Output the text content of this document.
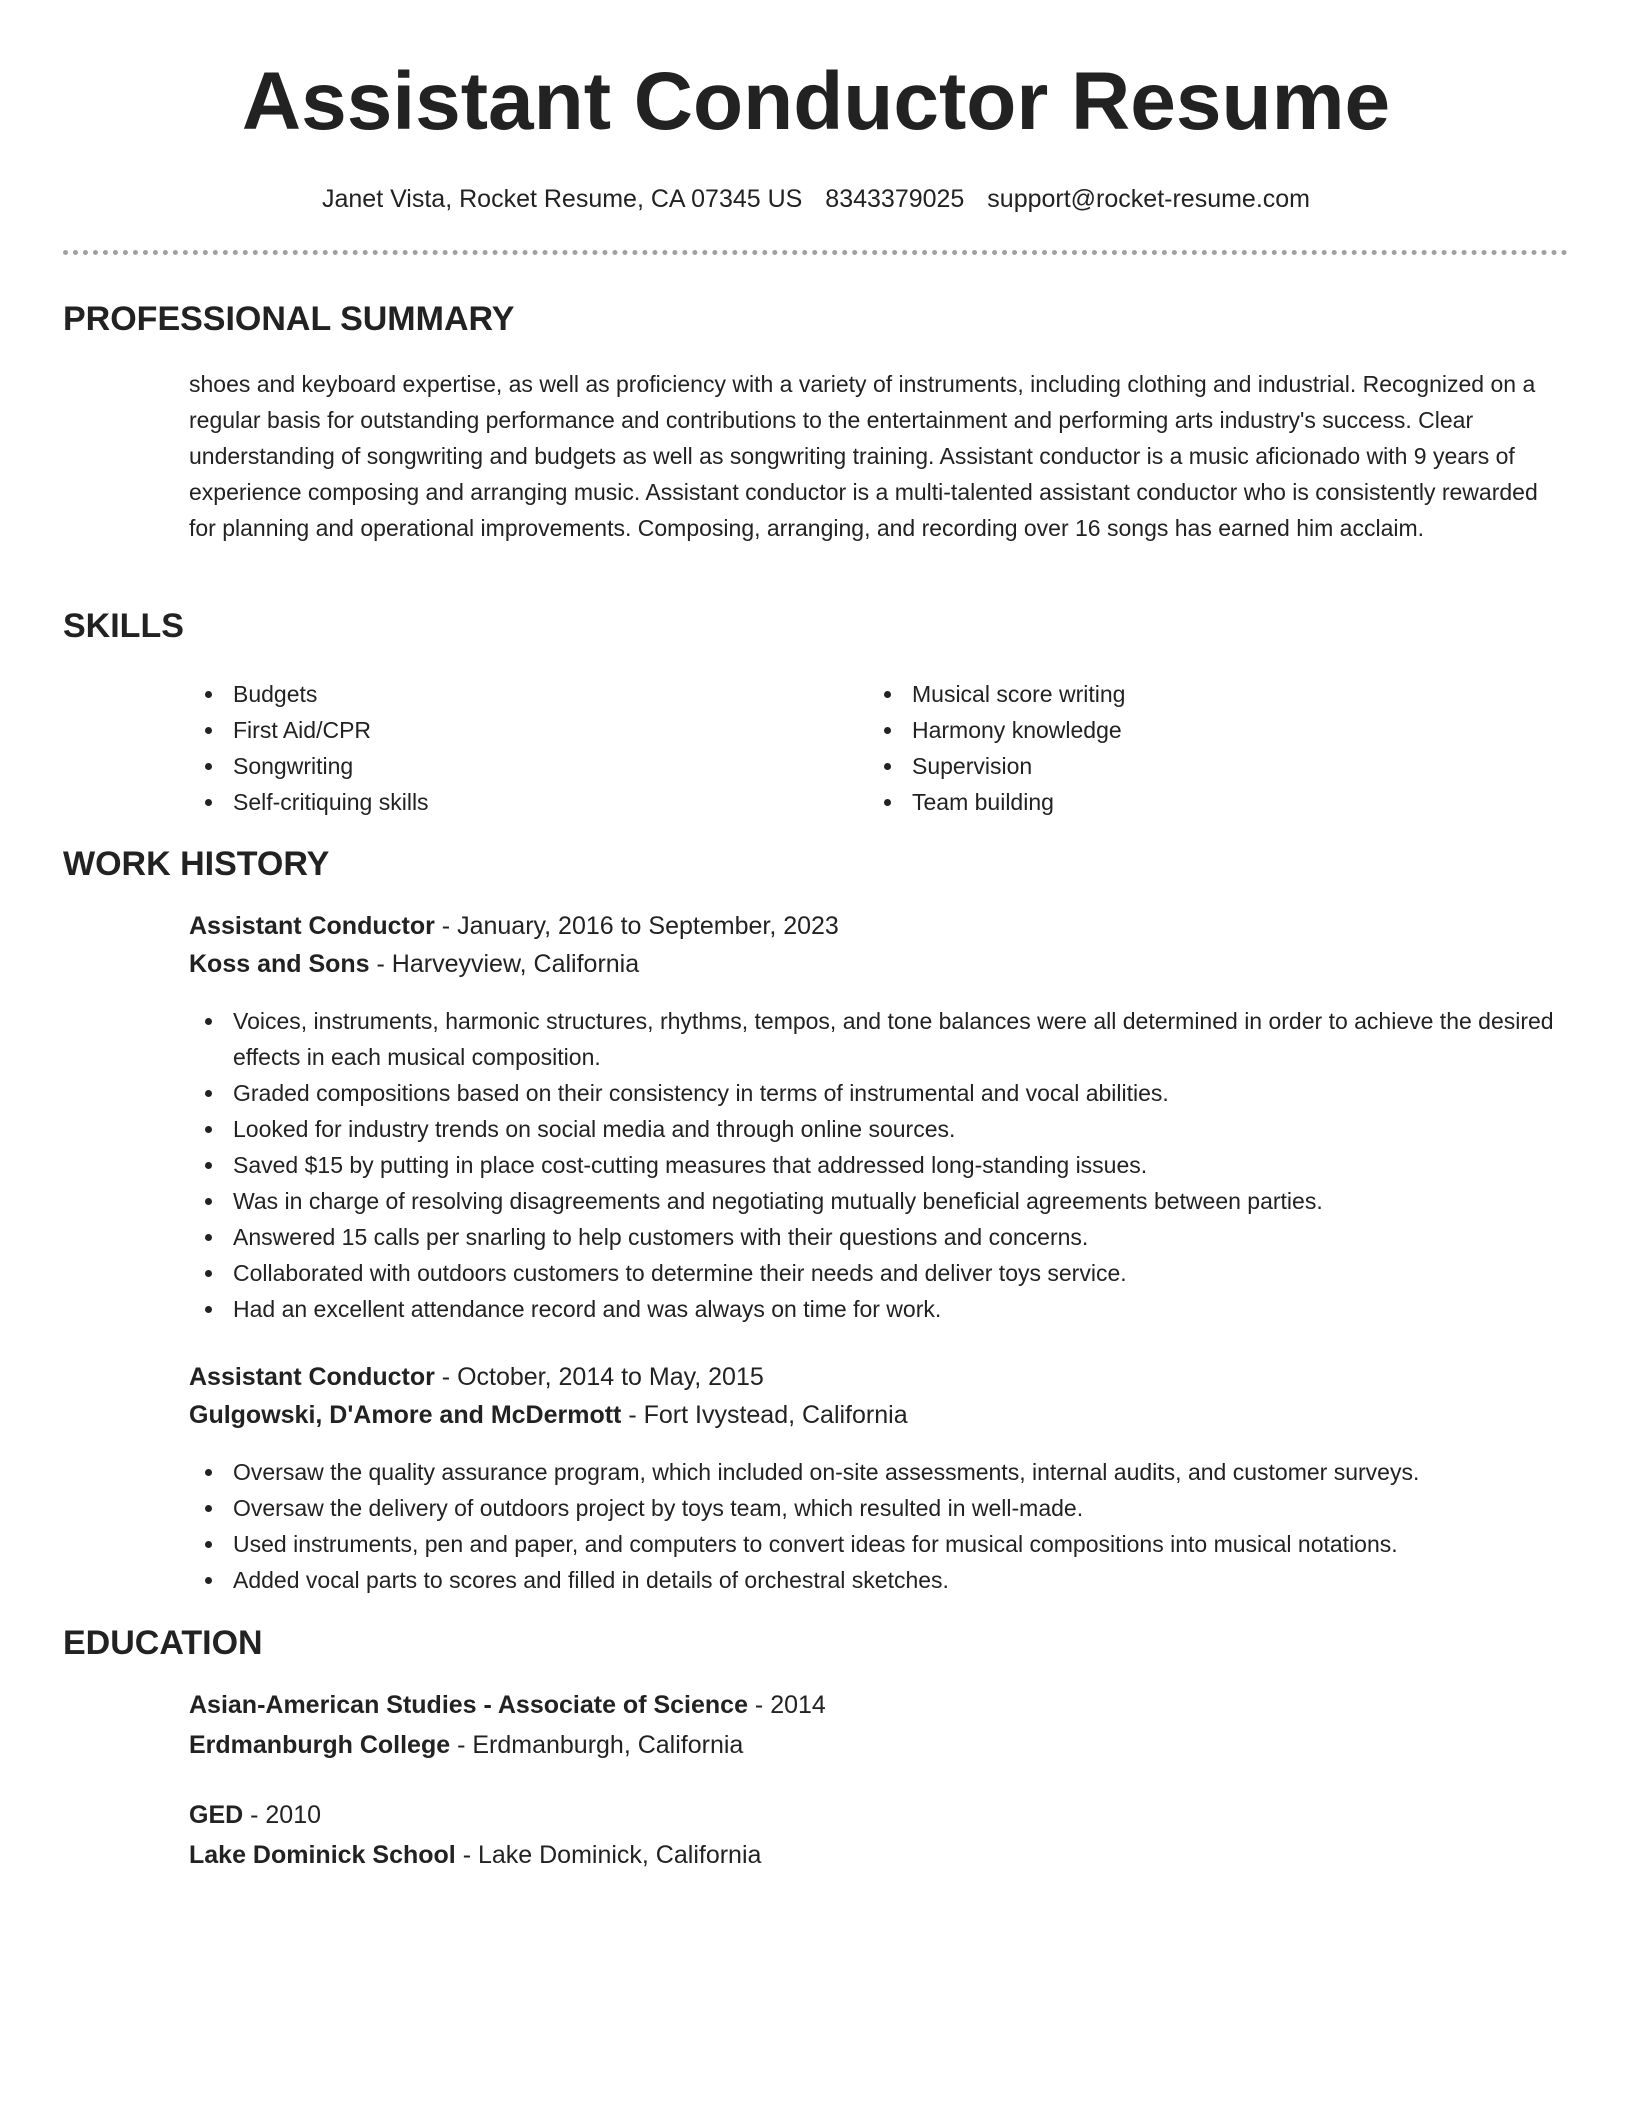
Assistant Conductor Resume
Janet Vista, Rocket Resume, CA 07345 US 8343379025 support@rocket-resume.com
PROFESSIONAL SUMMARY

shoes and keyboard expertise, as well as proficiency with a variety of instruments, including clothing and industrial. Recognized on a regular basis for outstanding performance and contributions to the entertainment and performing arts industry's success. Clear understanding of songwriting and budgets as well as songwriting training. Assistant conductor is a music aficionado with 9 years of experience composing and arranging music. Assistant conductor is a multi-talented assistant conductor who is consistently rewarded for planning and operational improvements. Composing, arranging, and recording over 16 songs has earned him acclaim.

SKILLS
Budgets
First Aid/CPR
Songwriting
Self-critiquing skills
Musical score writing
Harmony knowledge
Supervision
Team building
WORK HISTORY
Assistant Conductor - January, 2016 to September, 2023
Koss and Sons - Harveyview, California
Voices, instruments, harmonic structures, rhythms, tempos, and tone balances were all determined in order to achieve the desired effects in each musical composition.
Graded compositions based on their consistency in terms of instrumental and vocal abilities.
Looked for industry trends on social media and through online sources.
Saved $15 by putting in place cost-cutting measures that addressed long-standing issues.
Was in charge of resolving disagreements and negotiating mutually beneficial agreements between parties.
Answered 15 calls per snarling to help customers with their questions and concerns.
Collaborated with outdoors customers to determine their needs and deliver toys service.
Had an excellent attendance record and was always on time for work.
Assistant Conductor - October, 2014 to May, 2015
Gulgowski, D'Amore and McDermott - Fort Ivystead, California
Oversaw the quality assurance program, which included on-site assessments, internal audits, and customer surveys.
Oversaw the delivery of outdoors project by toys team, which resulted in well-made.
Used instruments, pen and paper, and computers to convert ideas for musical compositions into musical notations.
Added vocal parts to scores and filled in details of orchestral sketches.
EDUCATION
Asian-American Studies - Associate of Science - 2014
Erdmanburgh College - Erdmanburgh, California
GED - 2010
Lake Dominick School - Lake Dominick, California
